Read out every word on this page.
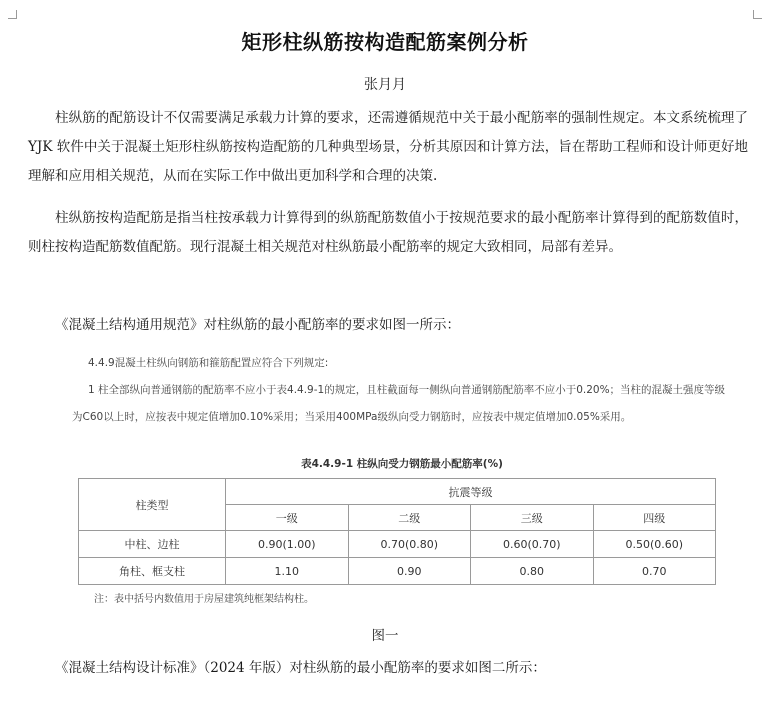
矩形柱纵筋按构造配筋案例分析
张月月

柱纵筋的配筋设计不仅需要满足承载力计算的要求，还需遵循规范中关于最小配筋率的强制性规定。本文系统梳理了 YJK 软件中关于混凝土矩形柱纵筋按构造配筋的几种典型场景，分析其原因和计算方法，旨在帮助工程师和设计师更好地理解和应用相关规范，从而在实际工作中做出更加科学和合理的决策.

柱纵筋按构造配筋是指当柱按承载力计算得到的纵筋配筋数值小于按规范要求的最小配筋率计算得到的配筋数值时，则柱按构造配筋数值配筋。现行混凝土相关规范对柱纵筋最小配筋率的规定大致相同，局部有差异。

《混凝土结构通用规范》对柱纵筋的最小配筋率的要求如图一所示：

4.4.9混凝土柱纵向钢筋和箍筋配置应符合下列规定:

1 柱全部纵向普通钢筋的配筋率不应小于表4.4.9-1的规定，且柱截面每一侧纵向普通钢筋配筋率不应小于0.20%；当柱的混凝土强度等级为C60以上时，应按表中规定值增加0.10%采用；当采用400MPa级纵向受力钢筋时，应按表中规定值增加0.05%采用。

表4.4.9-1 柱纵向受力钢筋最小配筋率(%)
柱类型	抗震等级			
	一级	二级	三级	四级
中柱、边柱	0.90(1.00)	0.70(0.80)	0.60(0.70)	0.50(0.60)
角柱、框支柱	1.10	0.90	0.80	0.70
注：表中括号内数值用于房屋建筑纯框架结构柱。
图一

《混凝土结构设计标准》（2024 年版）对柱纵筋的最小配筋率的要求如图二所示：
